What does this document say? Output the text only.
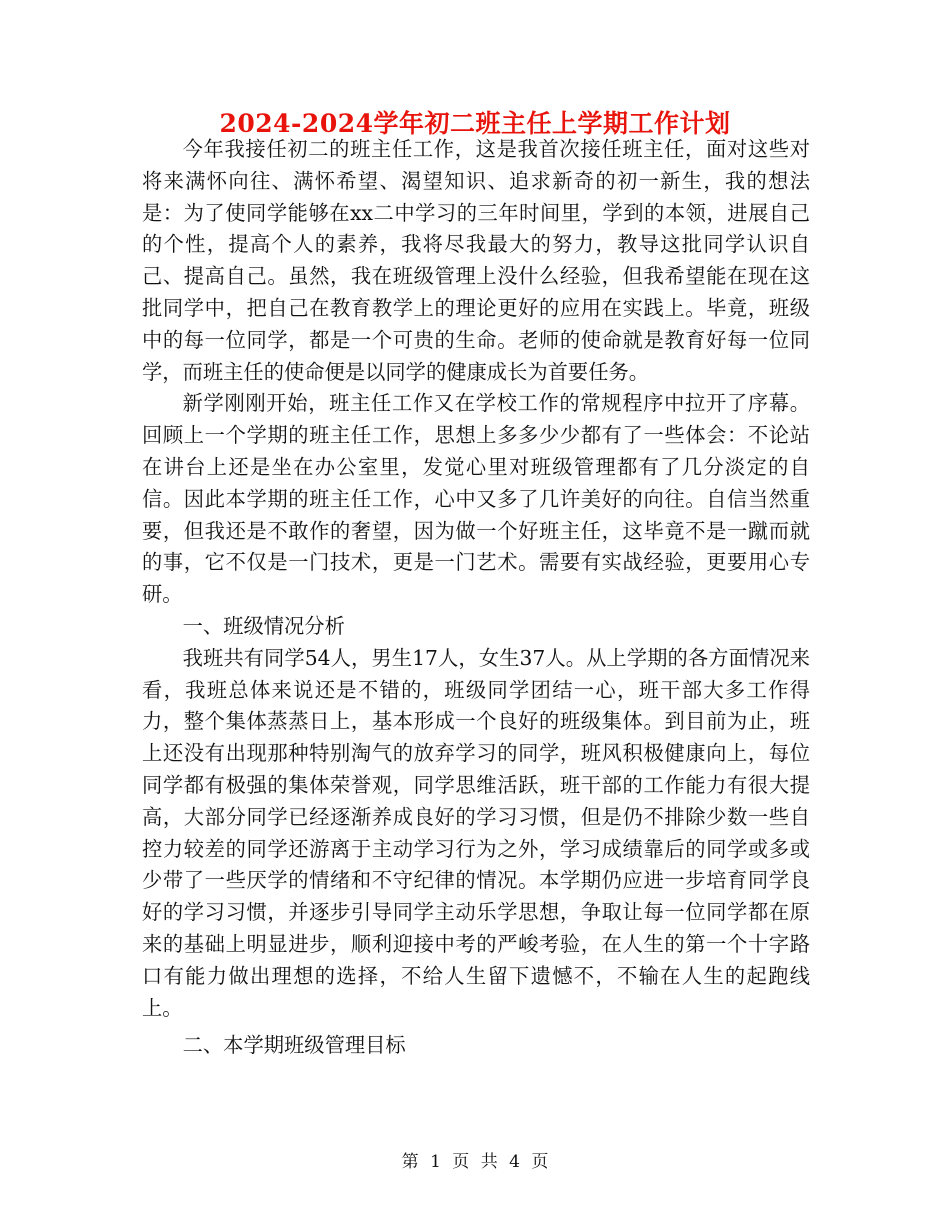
2024-2024学年初二班主任上学期工作计划

今年我接任初二的班主任工作，这是我首次接任班主任，面对这些对将来满怀向往、满怀希望、渴望知识、追求新奇的初一新生，我的想法是：为了使同学能够在xx二中学习的三年时间里，学到的本领，进展自己的个性，提高个人的素养，我将尽我最大的努力，教导这批同学认识自己、提高自己。虽然，我在班级管理上没什么经验，但我希望能在现在这批同学中，把自己在教育教学上的理论更好的应用在实践上。毕竟，班级中的每一位同学，都是一个可贵的生命。老师的使命就是教育好每一位同学，而班主任的使命便是以同学的健康成长为首要任务。

新学刚刚开始，班主任工作又在学校工作的常规程序中拉开了序幕。回顾上一个学期的班主任工作，思想上多多少少都有了一些体会：不论站在讲台上还是坐在办公室里，发觉心里对班级管理都有了几分淡定的自信。因此本学期的班主任工作，心中又多了几许美好的向往。自信当然重要，但我还是不敢作的奢望，因为做一个好班主任，这毕竟不是一蹴而就的事，它不仅是一门技术，更是一门艺术。需要有实战经验，更要用心专研。

一、班级情况分析

我班共有同学54人，男生17人，女生37人。从上学期的各方面情况来看，我班总体来说还是不错的，班级同学团结一心，班干部大多工作得力，整个集体蒸蒸日上，基本形成一个良好的班级集体。到目前为止，班上还没有出现那种特别淘气的放弃学习的同学，班风积极健康向上，每位同学都有极强的集体荣誉观，同学思维活跃，班干部的工作能力有很大提高，大部分同学已经逐渐养成良好的学习习惯，但是仍不排除少数一些自控力较差的同学还游离于主动学习行为之外，学习成绩靠后的同学或多或少带了一些厌学的情绪和不守纪律的情况。本学期仍应进一步培育同学良好的学习习惯，并逐步引导同学主动乐学思想，争取让每一位同学都在原来的基础上明显进步，顺利迎接中考的严峻考验，在人生的第一个十字路口有能力做出理想的选择，不给人生留下遗憾不，不输在人生的起跑线上。

二、本学期班级管理目标

第 1 页 共 4 页
